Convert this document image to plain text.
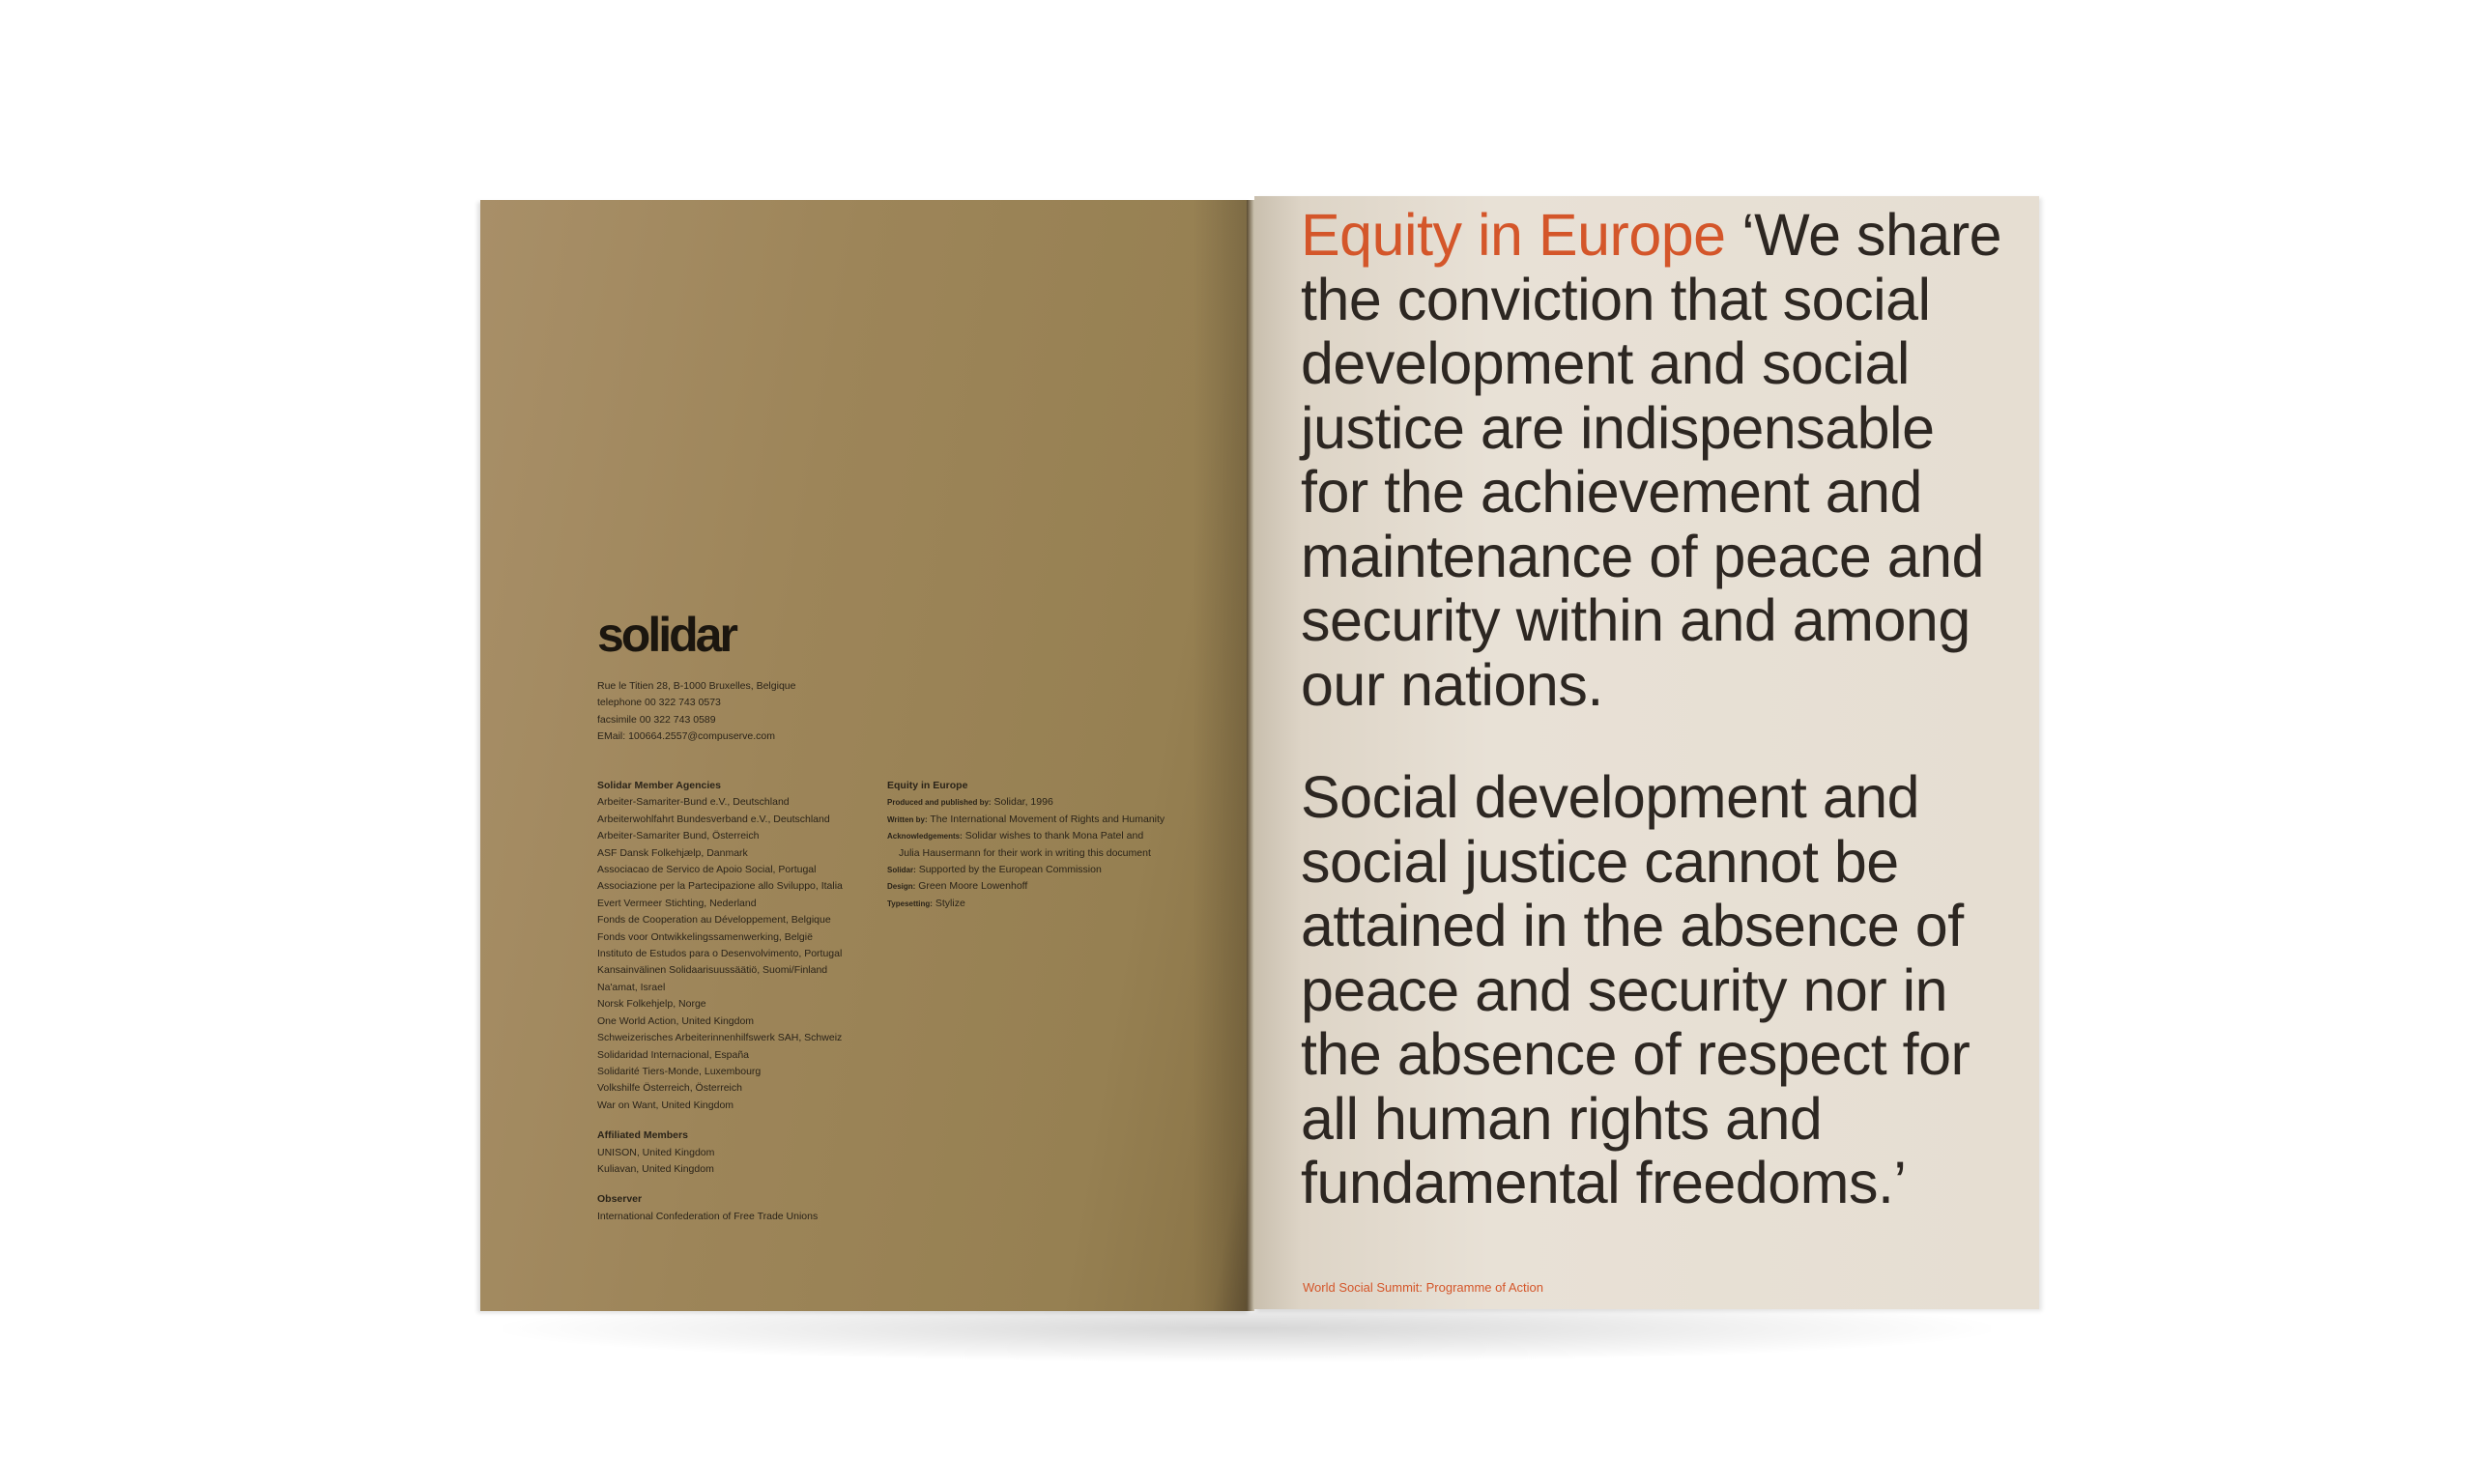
solidar
Rue le Titien 28, B-1000 Bruxelles, Belgique
telephone 00 322 743 0573
facsimile 00 322 743 0589
EMail: 100664.2557@compuserve.com
Solidar Member Agencies
Arbeiter-Samariter-Bund e.V., Deutschland
Arbeiterwohlfahrt Bundesverband e.V., Deutschland
Arbeiter-Samariter Bund, Österreich
ASF Dansk Folkehjælp, Danmark
Associacao de Servico de Apoio Social, Portugal
Associazione per la Partecipazione allo Sviluppo, Italia
Evert Vermeer Stichting, Nederland
Fonds de Cooperation au Développement, Belgique
Fonds voor Ontwikkelingssamenwerking, België
Instituto de Estudos para o Desenvolvimento, Portugal
Kansainvälinen Solidaarisuussäätiö, Suomi/Finland
Na'amat, Israel
Norsk Folkehjelp, Norge
One World Action, United Kingdom
Schweizerisches Arbeiterinnenhilfswerk SAH, Schweiz
Solidaridad Internacional, España
Solidarité Tiers-Monde, Luxembourg
Volkshilfe Österreich, Österreich
War on Want, United Kingdom
Affiliated Members
UNISON, United Kingdom
Kuliavan, United Kingdom
Observer
International Confederation of Free Trade Unions
Equity in Europe
Produced and published by: Solidar, 1996
Written by: The International Movement of Rights and Humanity
Acknowledgements: Solidar wishes to thank Mona Patel and
Julia Hausermann for their work in writing this document
Solidar: Supported by the European Commission
Design: Green Moore Lowenhoff
Typesetting: Stylize

Equity in Europe ‘We share the conviction that social development and social justice are indispensable for the achievement and maintenance of peace and security within and among our nations.

Social development and social justice cannot be attained in the absence of peace and security nor in the absence of respect for all human rights and fundamental freedoms.’

World Social Summit: Programme of Action
